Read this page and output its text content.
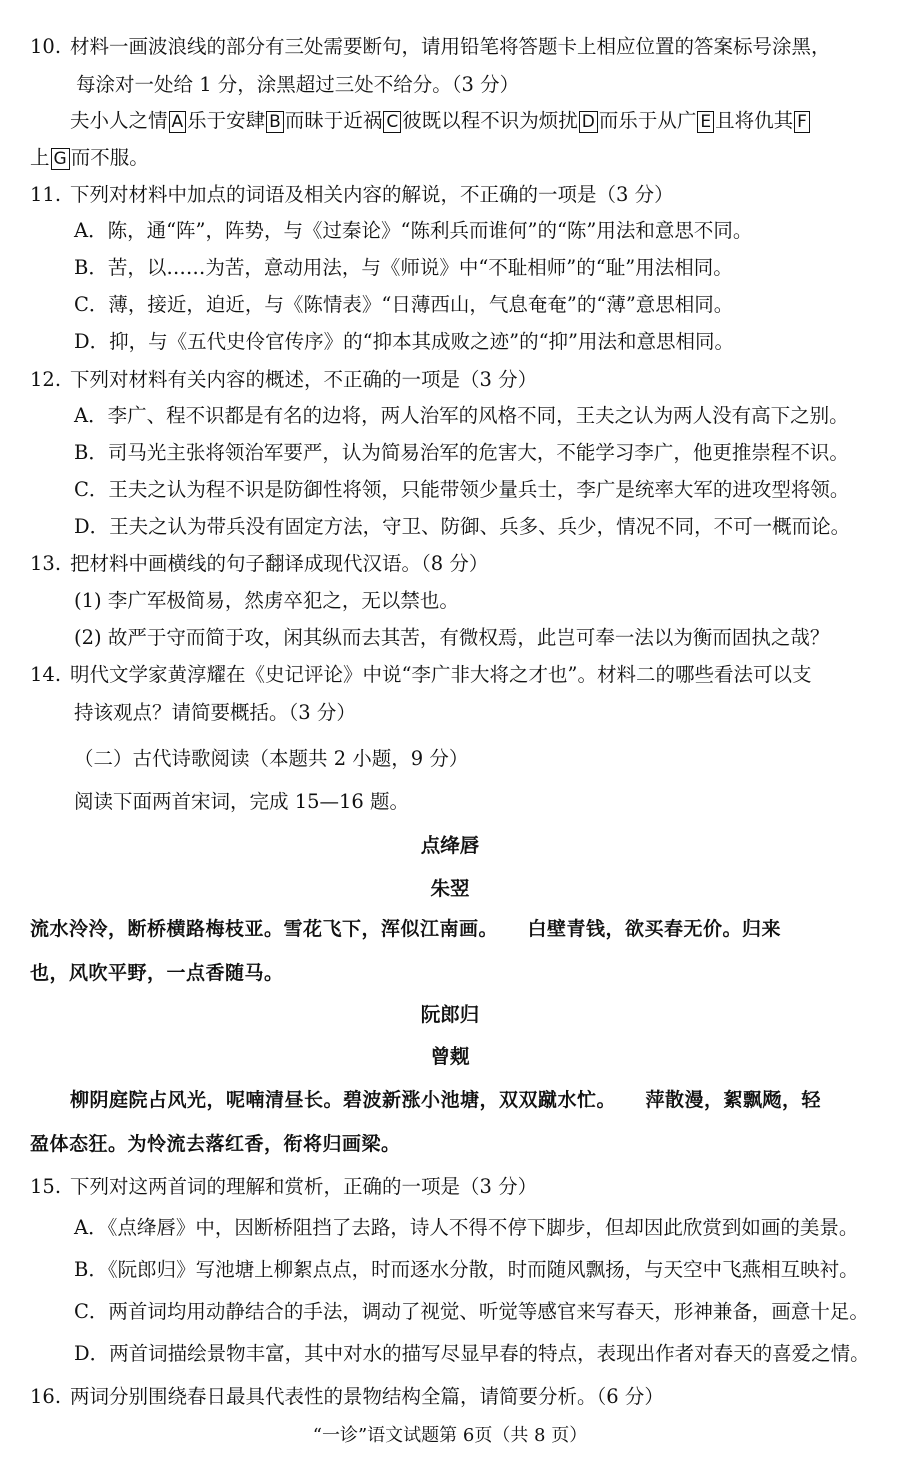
10. 材料一画波浪线的部分有三处需要断句，请用铅笔将答题卡上相应位置的答案标号涂黑，
每涂对一处给 1 分，涂黑超过三处不给分。（3 分）
夫小人之情 A 乐于安肆 B 而昧于近祸 C 彼既以程不识为烦扰 D 而乐于从广 E 且将仇其 F
上 G 而不服。
11. 下列对材料中加点的词语及相关内容的解说，不正确的一项是（3 分）
A．陈，通“阵”，阵势，与《过秦论》“陈利兵而谁何”的“陈”用法和意思不同。
B．苦，以……为苦，意动用法，与《师说》中“不耻相师”的“耻”用法相同。
C．薄，接近，迫近，与《陈情表》“日薄西山，气息奄奄”的“薄”意思相同。
D．抑，与《五代史伶官传序》的“抑本其成败之迹”的“抑”用法和意思相同。
12. 下列对材料有关内容的概述，不正确的一项是（3 分）
A．李广、程不识都是有名的边将，两人治军的风格不同，王夫之认为两人没有高下之别。
B．司马光主张将领治军要严，认为简易治军的危害大，不能学习李广，他更推崇程不识。
C．王夫之认为程不识是防御性将领，只能带领少量兵士，李广是统率大军的进攻型将领。
D．王夫之认为带兵没有固定方法，守卫、防御、兵多、兵少，情况不同，不可一概而论。
13. 把材料中画横线的句子翻译成现代汉语。（8 分）
(1) 李广军极简易，然虏卒犯之，无以禁也。
(2) 故严于守而简于攻，闲其纵而去其苦，有微权焉，此岂可奉一法以为衡而固执之哉？
14. 明代文学家黄淳耀在《史记评论》中说“李广非大将之才也”。材料二的哪些看法可以支
持该观点？请简要概括。（3 分）
（二）古代诗歌阅读（本题共 2 小题，9 分）
阅读下面两首宋词，完成 15—16 题。
点绛唇
朱翌
流水泠泠，断桥横路梅枝亚。雪花飞下，浑似江南画。　　白壁青钱，欲买春无价。归来
也，风吹平野，一点香随马。
阮郎归
曾觌
柳阴庭院占风光，呢喃清昼长。碧波新涨小池塘，双双蹴水忙。　　萍散漫，絮飘飏，轻
盈体态狂。为怜流去落红香，衔将归画梁。
15. 下列对这两首词的理解和赏析，正确的一项是（3 分）
A．《点绛唇》中，因断桥阻挡了去路，诗人不得不停下脚步，但却因此欣赏到如画的美景。
B．《阮郎归》写池塘上柳絮点点，时而逐水分散，时而随风飘扬，与天空中飞燕相互映衬。
C．两首词均用动静结合的手法，调动了视觉、听觉等感官来写春天，形神兼备，画意十足。
D．两首词描绘景物丰富，其中对水的描写尽显早春的特点，表现出作者对春天的喜爱之情。
16. 两词分别围绕春日最具代表性的景物结构全篇，请简要分析。（6 分）
“一诊”语文试题第 6页（共 8 页）
